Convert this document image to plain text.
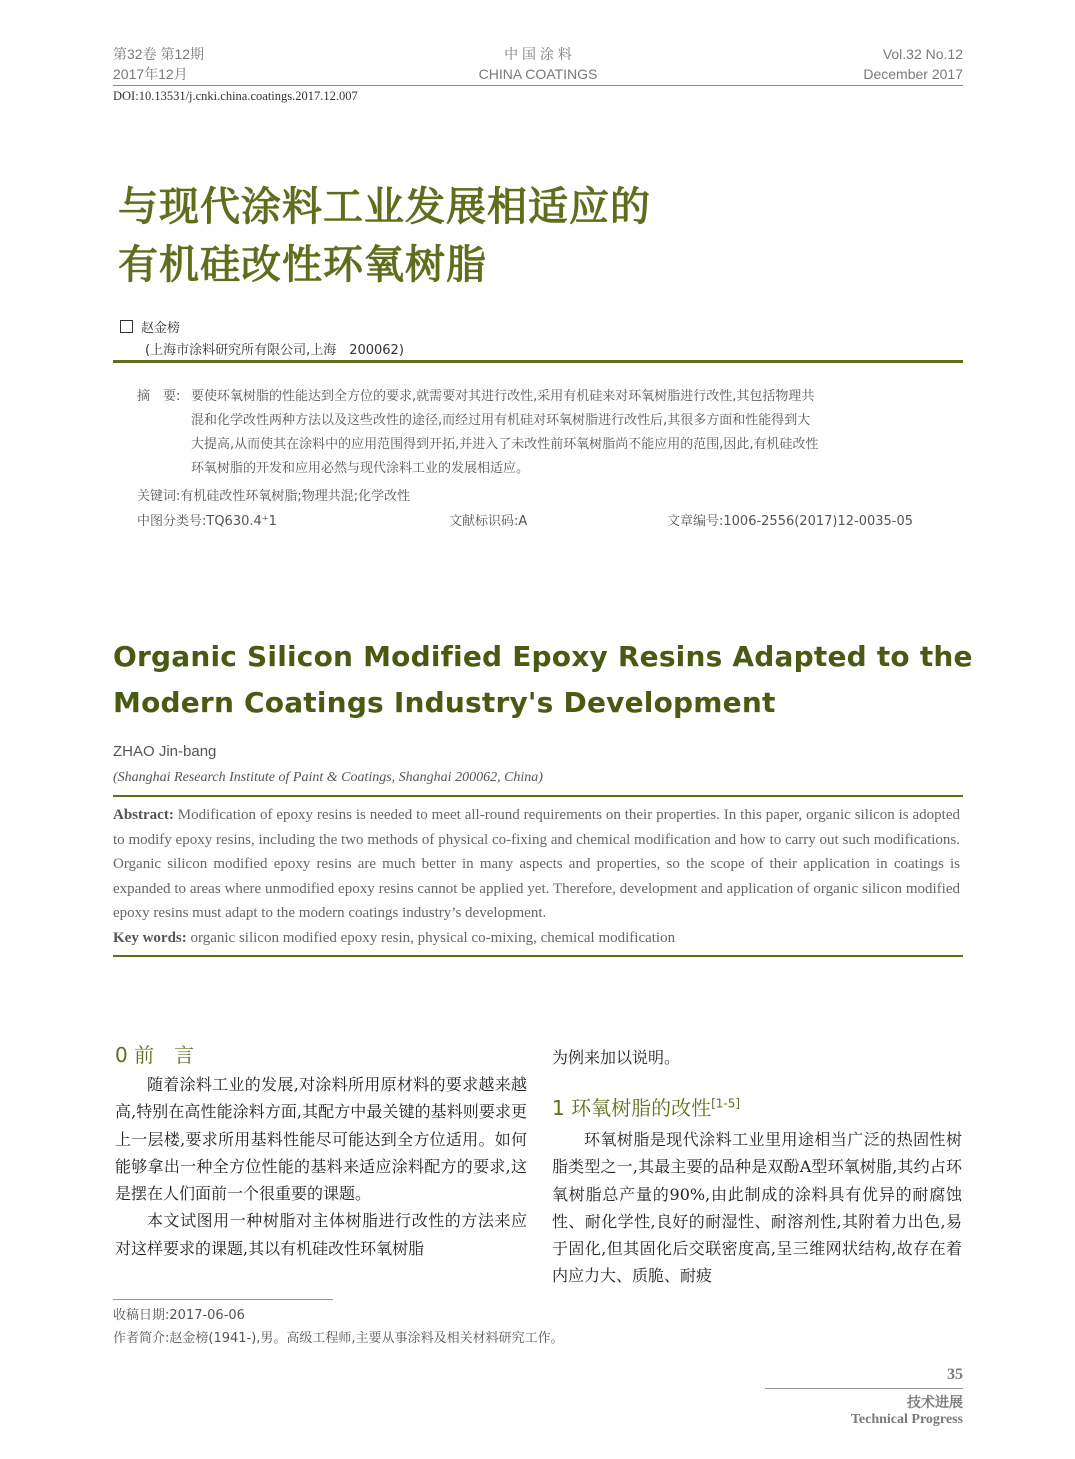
第32卷 第12期
2017年12月
中 国 涂 料
CHINA COATINGS
Vol.32 No.12
December 2017
DOI:10.13531/j.cnki.china.coatings.2017.12.007
与现代涂料工业发展相适应的
有机硅改性环氧树脂
赵金榜
(上海市涂料研究所有限公司,上海　200062)
摘　要: 要使环氧树脂的性能达到全方位的要求,就需要对其进行改性,采用有机硅来对环氧树脂进行改性,其包括物理共
混和化学改性两种方法以及这些改性的途径,而经过用有机硅对环氧树脂进行改性后,其很多方面和性能得到大
大提高,从而使其在涂料中的应用范围得到开拓,并进入了未改性前环氧树脂尚不能应用的范围,因此,有机硅改性
环氧树脂的开发和应用必然与现代涂料工业的发展相适应。
关键词:有机硅改性环氧树脂;物理共混;化学改性
中图分类号:TQ630.4⁺1	文献标识码:A	文章编号:1006-2556(2017)12-0035-05
Organic Silicon Modified Epoxy Resins Adapted to the
Modern Coatings Industry's Development
ZHAO Jin-bang
(Shanghai Research Institute of Paint & Coatings, Shanghai 200062, China)
Abstract: Modification of epoxy resins is needed to meet all-round requirements on their properties. In this paper, organic silicon is adopted to modify epoxy resins, including the two methods of physical co-fixing and chemical modification and how to carry out such modifications. Organic silicon modified epoxy resins are much better in many aspects and properties, so the scope of their application in coatings is expanded to areas where unmodified epoxy resins cannot be applied yet. Therefore, development and application of organic silicon modified epoxy resins must adapt to the modern coatings industry’s development.
Key words: organic silicon modified epoxy resin, physical co-mixing, chemical modification
0 前　言
随着涂料工业的发展,对涂料所用原材料的要求越来越高,特别在高性能涂料方面,其配方中最关键的基料则要求更上一层楼,要求所用基料性能尽可能达到全方位适用。如何能够拿出一种全方位性能的基料来适应涂料配方的要求,这是摆在人们面前一个很重要的课题。
本文试图用一种树脂对主体树脂进行改性的方法来应对这样要求的课题,其以有机硅改性环氧树脂
为例来加以说明。
1 环氧树脂的改性[1-5]
环氧树脂是现代涂料工业里用途相当广泛的热固性树脂类型之一,其最主要的品种是双酚A型环氧树脂,其约占环氧树脂总产量的90%,由此制成的涂料具有优异的耐腐蚀性、耐化学性,良好的耐湿性、耐溶剂性,其附着力出色,易于固化,但其固化后交联密度高,呈三维网状结构,故存在着内应力大、质脆、耐疲
收稿日期:2017-06-06
作者简介:赵金榜(1941-),男。高级工程师,主要从事涂料及相关材料研究工作。
35
技术进展
Technical Progress
